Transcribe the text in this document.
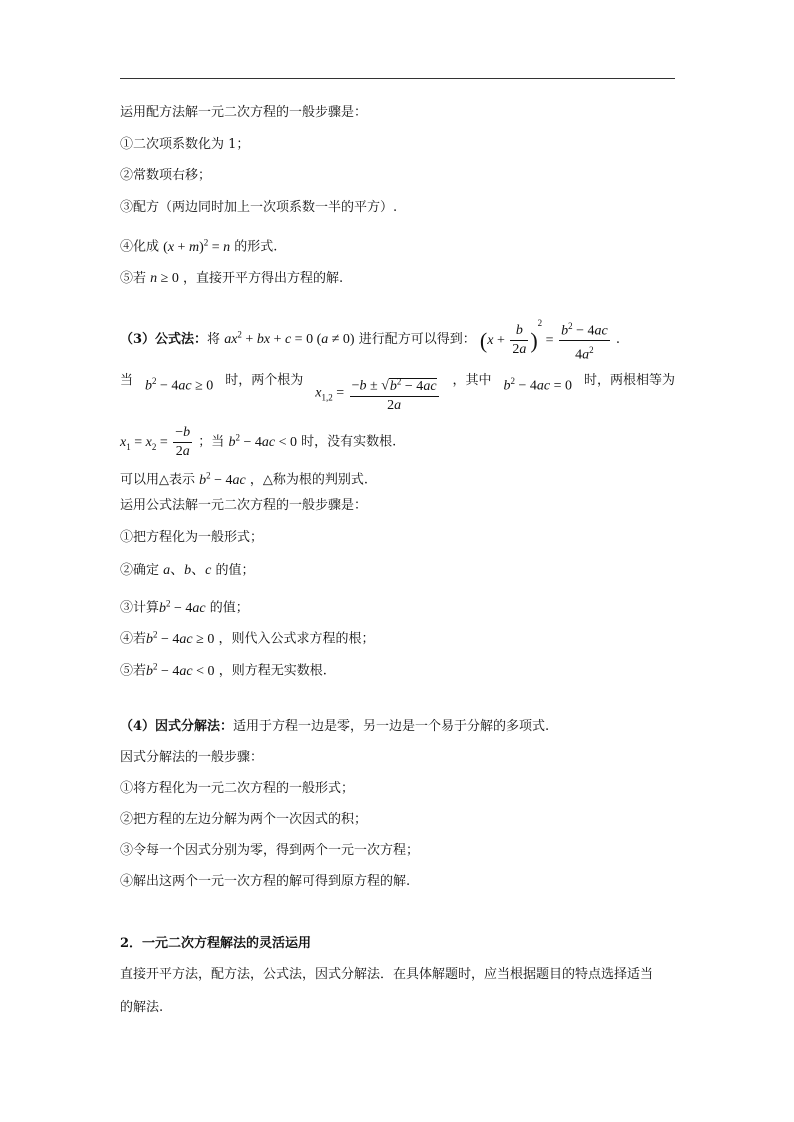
运用配方法解一元二次方程的一般步骤是：
①二次项系数化为 1；
②常数项右移；
③配方（两边同时加上一次项系数一半的平方）.
④化成 $(x + m)^2 = n$ 的形式.
⑤若 n ≥ 0 ，直接开平方得出方程的解.
（3）公式法：将 $ax^2$ + bx + c = 0 (a ≠ 0) 进行配方可以得到： $(x + \frac{b}{2a} )^2 = \frac{b^2 - 4ac}{4a^2}$ .
当 $b^2 - 4ac \ge 0$ 时，两个根为
$x_{1,2} = \frac{-b \pm √b^2 - 4ac}{2a}$ ，其中 $b^2 - 4ac = 0$ 时，两根相等为
$x_1 = x_2 = \frac{-b}{2a}$ ；当 $b^2 - 4ac < 0$ 时，没有实数根.
可以用△表示 $b^2 - 4ac$ ，△称为根的判别式.
运用公式法解一元二次方程的一般步骤是：
①把方程化为一般形式；
②确定 a、b、c 的值；
③计算$b^2 - 4ac$ 的值；
④若$b^2 - 4ac \ge 0$ ，则代入公式求方程的根；
⑤若$b^2 - 4ac < 0$ ，则方程无实数根.
（4）因式分解法：适用于方程一边是零，另一边是一个易于分解的多项式.
因式分解法的一般步骤：
①将方程化为一元二次方程的一般形式；
②把方程的左边分解为两个一次因式的积；
③令每一个因式分别为零，得到两个一元一次方程；
④解出这两个一元一次方程的解可得到原方程的解.
2．一元二次方程解法的灵活运用
直接开平方法，配方法，公式法，因式分解法．在具体解题时，应当根据题目的特点选择适当
的解法.
